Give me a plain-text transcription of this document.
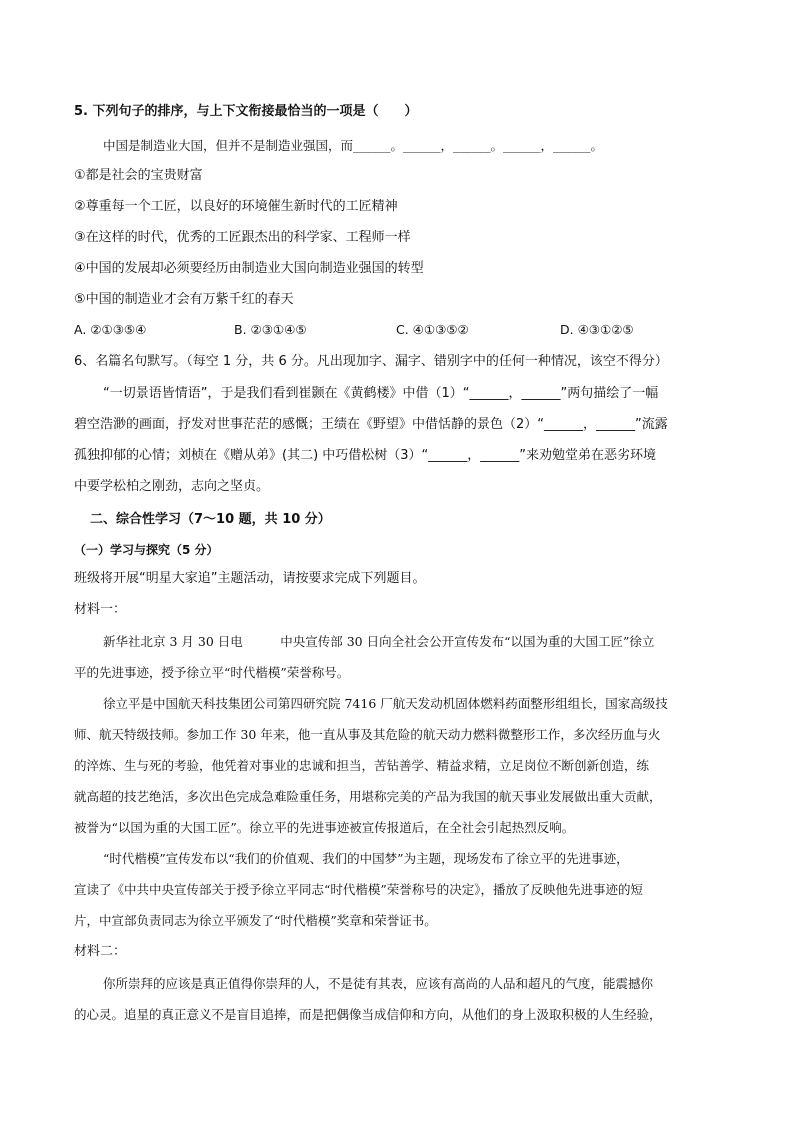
5. 下列句子的排序，与上下文衔接最恰当的一项是（　　）
中国是制造业大国，但并不是制造业强国，而______。______，______。______，______。
①都是社会的宝贵财富
②尊重每一个工匠，以良好的环境催生新时代的工匠精神
③在这样的时代，优秀的工匠跟杰出的科学家、工程师一样
④中国的发展却必须要经历由制造业大国向制造业强国的转型
⑤中国的制造业才会有万紫千红的春天
A. ②①③⑤④	B. ②③①④⑤	C. ④①③⑤②	D. ④③①②⑤
6、名篇名句默写。（每空 1 分，共 6 分。凡出现加字、漏字、错别字中的任何一种情况，该空不得分）
“一切景语皆情语”，于是我们看到崔颢在《黄鹤楼》中借（1）“______，______”两句描绘了一幅
碧空浩渺的画面，抒发对世事茫茫的感慨；王绩在《野望》中借恬静的景色（2）“______，______”流露
孤独抑郁的心情；刘桢在《赠从弟》(其二) 中巧借松树（3）“______，______”来劝勉堂弟在恶劣环境
中要学松柏之刚劲，志向之坚贞。
二、综合性学习（7～10 题，共 10 分）
（一）学习与探究（5 分）
班级将开展“明星大家追”主题活动，请按要求完成下列题目。
材料一：
新华社北京 3 月 30 日电　　　中央宣传部 30 日向全社会公开宣传发布“以国为重的大国工匠”徐立
平的先进事迹，授予徐立平“时代楷模”荣誉称号。
徐立平是中国航天科技集团公司第四研究院 7416 厂航天发动机固体燃料药面整形组组长，国家高级技
师、航天特级技师。参加工作 30 年来，他一直从事及其危险的航天动力燃料微整形工作，多次经历血与火
的淬炼、生与死的考验，他凭着对事业的忠诚和担当，苦钻善学、精益求精，立足岗位不断创新创造，练
就高超的技艺绝活，多次出色完成急难险重任务，用堪称完美的产品为我国的航天事业发展做出重大贡献，
被誉为“以国为重的大国工匠”。徐立平的先进事迹被宣传报道后，在全社会引起热烈反响。
“时代楷模”宣传发布以“我们的价值观、我们的中国梦”为主题，现场发布了徐立平的先进事迹，
宣读了《中共中央宣传部关于授予徐立平同志“时代楷模”荣誉称号的决定》，播放了反映他先进事迹的短
片，中宣部负责同志为徐立平颁发了“时代楷模”奖章和荣誉证书。
材料二：
你所崇拜的应该是真正值得你崇拜的人，不是徒有其表，应该有高尚的人品和超凡的气度，能震撼你
的心灵。追星的真正意义不是盲目追捧，而是把偶像当成信仰和方向，从他们的身上汲取积极的人生经验，
